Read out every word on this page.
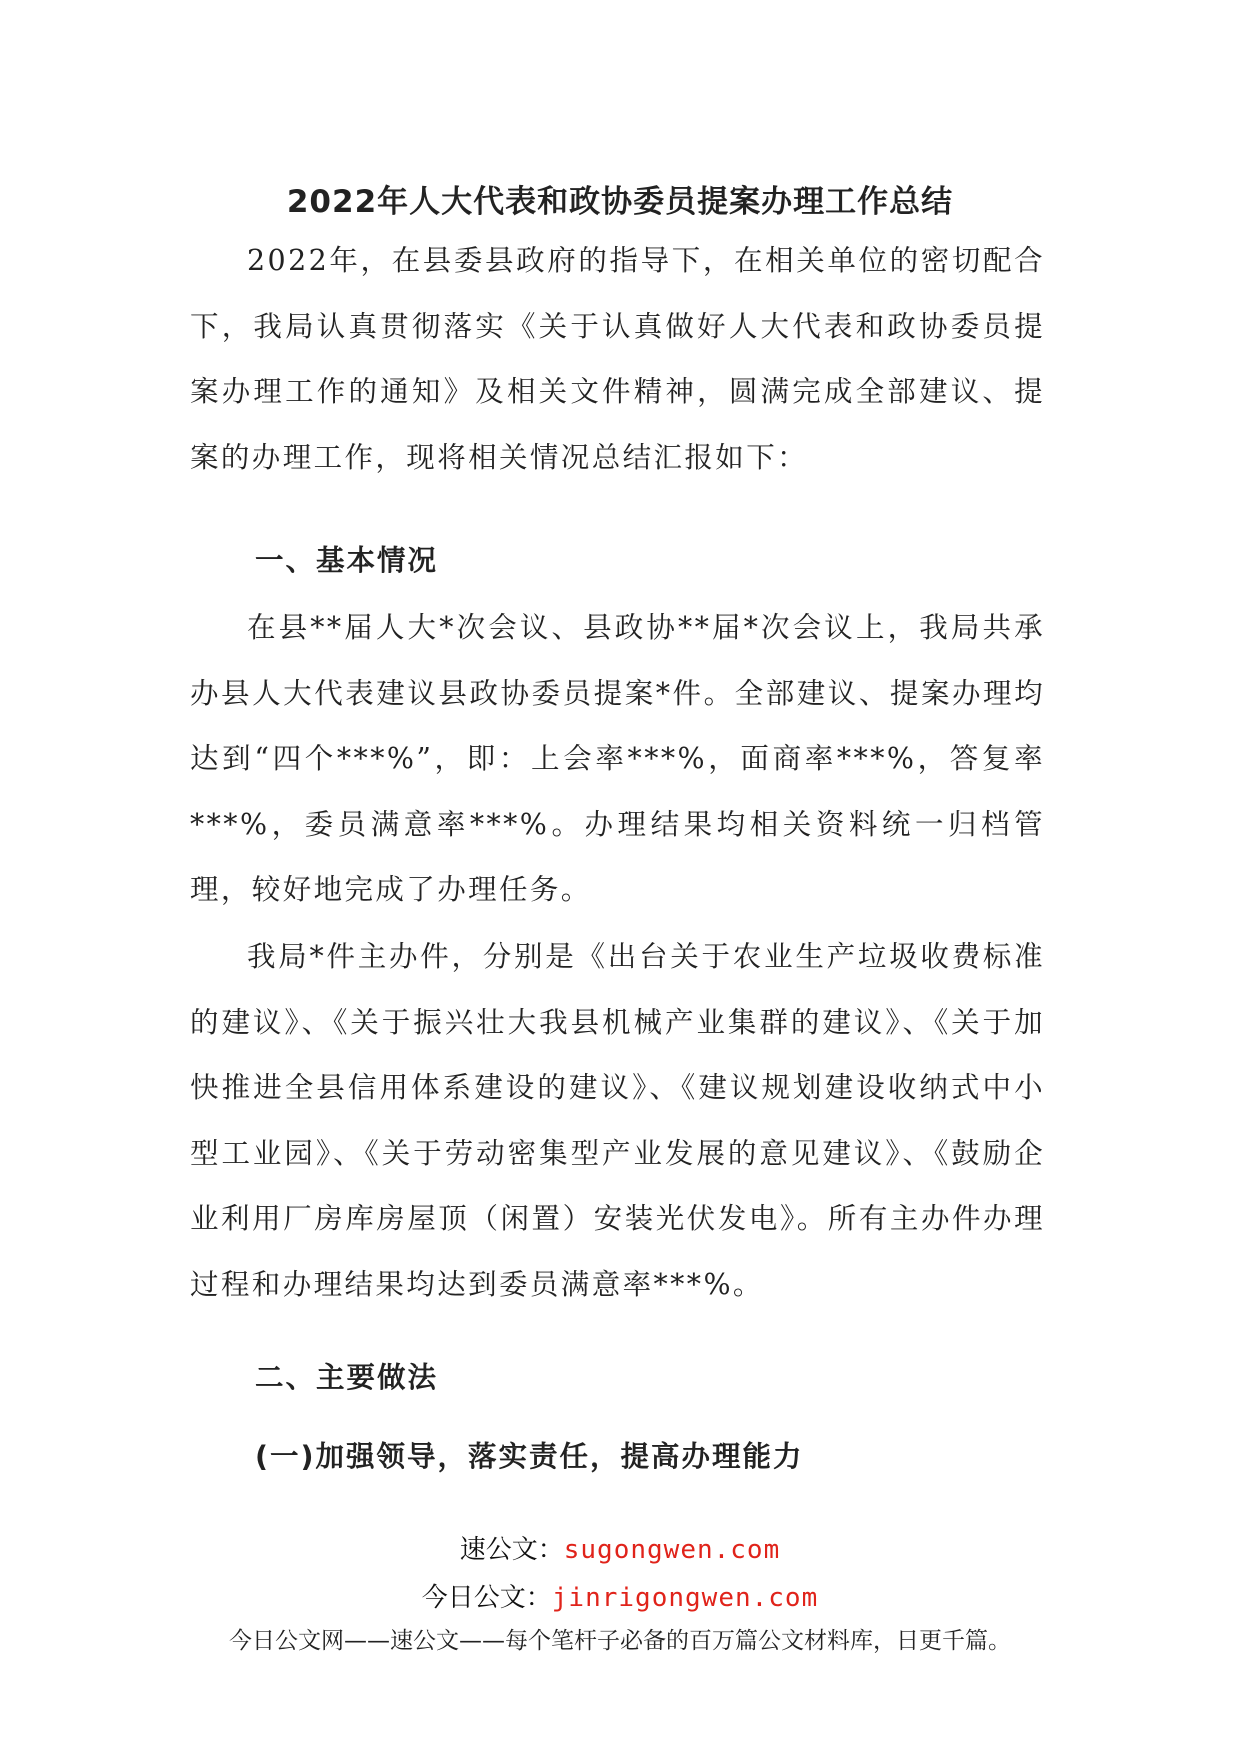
2022年人大代表和政协委员提案办理工作总结
2022年，在县委县政府的指导下，在相关单位的密切配合下，我局认真贯彻落实《关于认真做好人大代表和政协委员提案办理工作的通知》及相关文件精神，圆满完成全部建议、提案的办理工作，现将相关情况总结汇报如下：
一、基本情况
在县**届人大*次会议、县政协**届*次会议上，我局共承办县人大代表建议县政协委员提案*件。全部建议、提案办理均达到“四个***%”，即：上会率***%，面商率***%，答复率***%，委员满意率***%。办理结果均相关资料统一归档管理，较好地完成了办理任务。
我局*件主办件，分别是《出台关于农业生产垃圾收费标准的建议》、《关于振兴壮大我县机械产业集群的建议》、《关于加快推进全县信用体系建设的建议》、《建议规划建设收纳式中小型工业园》、《关于劳动密集型产业发展的意见建议》、《鼓励企业利用厂房库房屋顶（闲置）安装光伏发电》。所有主办件办理过程和办理结果均达到委员满意率***%。
二、主要做法
(一)加强领导，落实责任，提高办理能力
速公文：sugongwen.com
今日公文：jinrigongwen.com
今日公文网——速公文——每个笔杆子必备的百万篇公文材料库，日更千篇。
